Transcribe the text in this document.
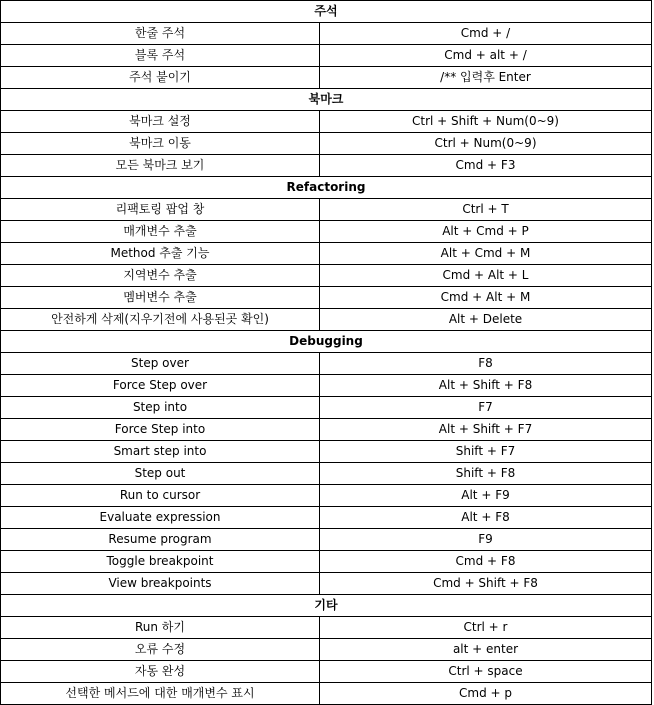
주석	
한줄 주석	Cmd + /
블록 주석	Cmd + alt + /
주석 붙이기	/** 입력후 Enter
북마크	
북마크 설정	Ctrl + Shift + Num(0~9)
북마크 이동	Ctrl + Num(0~9)
모든 북마크 보기	Cmd + F3
Refactoring	
리팩토링 팝업 창	Ctrl + T
매개변수 추출	Alt + Cmd + P
Method 추출 기능	Alt + Cmd + M
지역변수 추출	Cmd + Alt + L
멤버변수 추출	Cmd + Alt + M
안전하게 삭제(지우기전에 사용된곳 확인)	Alt + Delete
Debugging	
Step over	F8
Force Step over	Alt + Shift + F8
Step into	F7
Force Step into	Alt + Shift + F7
Smart step into	Shift + F7
Step out	Shift + F8
Run to cursor	Alt + F9
Evaluate expression	Alt + F8
Resume program	F9
Toggle breakpoint	Cmd + F8
View breakpoints	Cmd + Shift + F8
기타	
Run 하기	Ctrl + r
오류 수정	alt + enter
자동 완성	Ctrl + space
선택한 메서드에 대한 매개변수 표시	Cmd + p
